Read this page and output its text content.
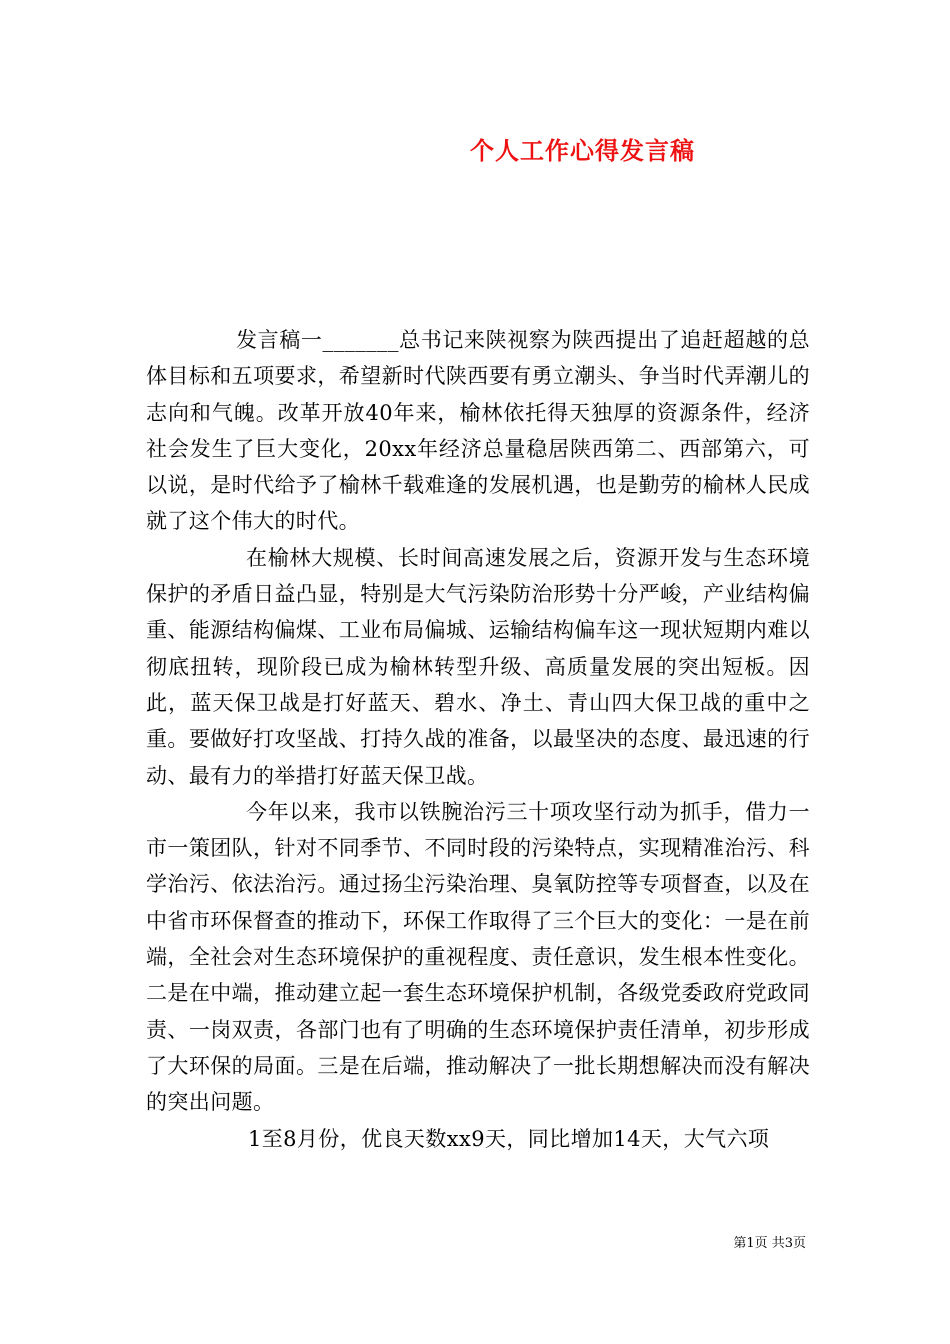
个人工作心得发言稿

发言稿一_______总书记来陕视察为陕西提出了追赶超越的总体目标和五项要求，希望新时代陕西要有勇立潮头、争当时代弄潮儿的志向和气魄。改革开放40年来，榆林依托得天独厚的资源条件，经济社会发生了巨大变化，20xx年经济总量稳居陕西第二、西部第六，可以说，是时代给予了榆林千载难逢的发展机遇，也是勤劳的榆林人民成就了这个伟大的时代。

在榆林大规模、长时间高速发展之后，资源开发与生态环境保护的矛盾日益凸显，特别是大气污染防治形势十分严峻，产业结构偏重、能源结构偏煤、工业布局偏城、运输结构偏车这一现状短期内难以彻底扭转，现阶段已成为榆林转型升级、高质量发展的突出短板。因此，蓝天保卫战是打好蓝天、碧水、净土、青山四大保卫战的重中之重。要做好打攻坚战、打持久战的准备，以最坚决的态度、最迅速的行动、最有力的举措打好蓝天保卫战。

今年以来，我市以铁腕治污三十项攻坚行动为抓手，借力一市一策团队，针对不同季节、不同时段的污染特点，实现精准治污、科学治污、依法治污。通过扬尘污染治理、臭氧防控等专项督查，以及在中省市环保督查的推动下，环保工作取得了三个巨大的变化：一是在前端，全社会对生态环境保护的重视程度、责任意识，发生根本性变化。二是在中端，推动建立起一套生态环境保护机制，各级党委政府党政同责、一岗双责，各部门也有了明确的生态环境保护责任清单，初步形成了大环保的局面。三是在后端，推动解决了一批长期想解决而没有解决的突出问题。

1至8月份，优良天数xx9天，同比增加14天，大气六项

第1页 共3页
